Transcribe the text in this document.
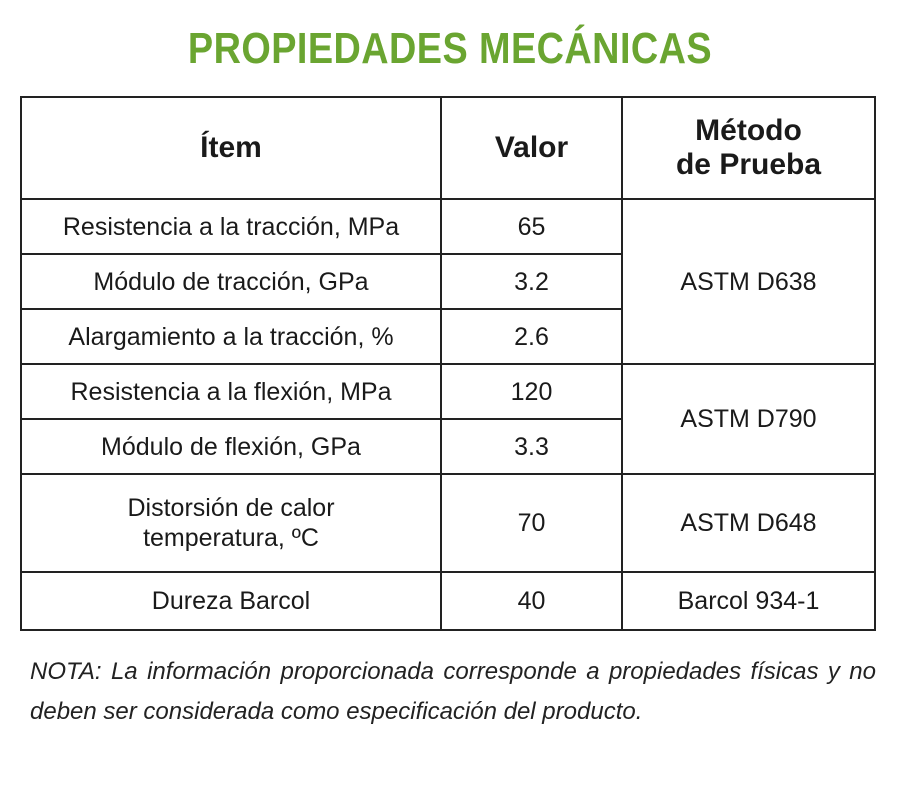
PROPIEDADES MECÁNICAS
Ítem	Valor	Método
de Prueba
Resistencia a la tracción, MPa	65	ASTM D638
Módulo de tracción, GPa	3.2	
Alargamiento a la tracción, %	2.6	
Resistencia a la flexión, MPa	120	ASTM D790
Módulo de flexión, GPa	3.3	
Distorsión de calor
temperatura, ºC	70	ASTM D648
Dureza Barcol	40	Barcol 934-1
NOTA: La información proporcionada corresponde a propiedades físicas y no deben ser considerada como especificación del producto.
